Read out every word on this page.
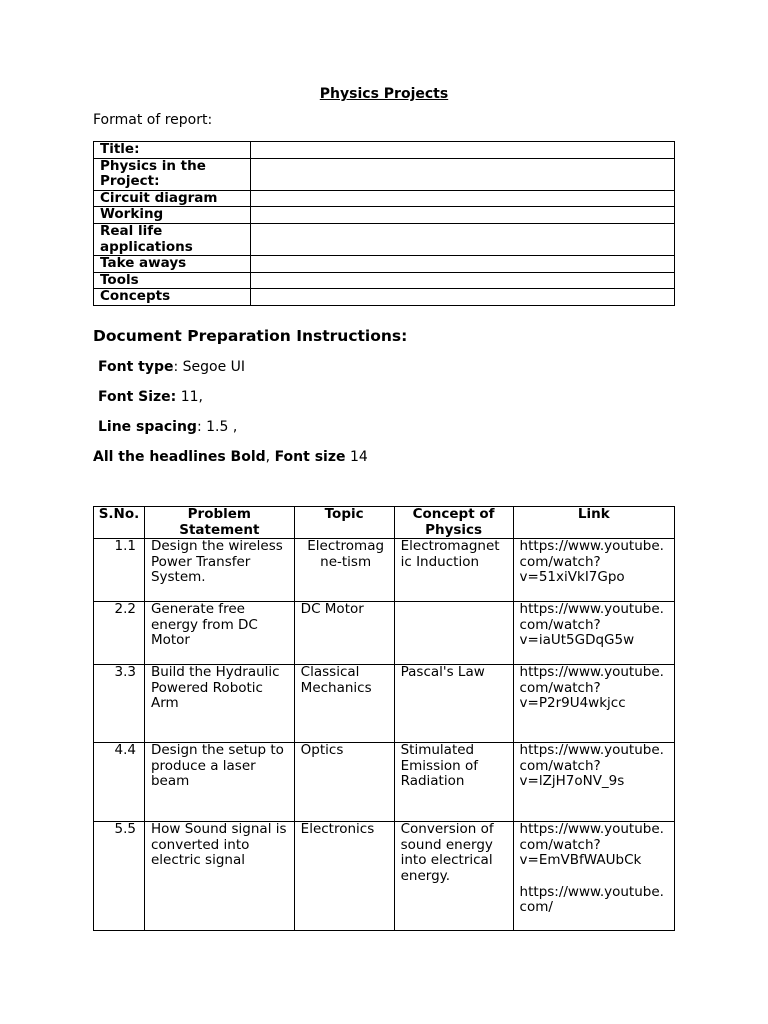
Physics Projects
Format of report:
Title:	
Physics in the Project:	
Circuit diagram	
Working	
Real life applications	
Take aways	
Tools	
Concepts	
Document Preparation Instructions:
Font type: Segoe UI
Font Size: 11,
Line spacing: 1.5 ,
All the headlines Bold, Font size 14
S.No.	Problem Statement	Topic	Concept of Physics	Link
1.1	Design the wireless Power Transfer System.	Electromag ne-tism	Electromagnet ic Induction	https://www.youtube.com/watch?v=51xiVkI7Gpo
2.2	Generate free energy from DC Motor	DC Motor		https://www.youtube.com/watch?v=iaUt5GDqG5w
3.3	Build the Hydraulic Powered Robotic Arm	Classical Mechanics	Pascal's Law	https://www.youtube.com/watch?v=P2r9U4wkjcc
4.4	Design the setup to produce a laser beam	Optics	Stimulated Emission of Radiation	https://www.youtube.com/watch?v=lZjH7oNV_9s
5.5	How Sound signal is converted into electric signal	Electronics	Conversion of sound energy into electrical energy.	https://www.youtube.com/watch?v=EmVBfWAUbCk
https://www.youtube.com/
